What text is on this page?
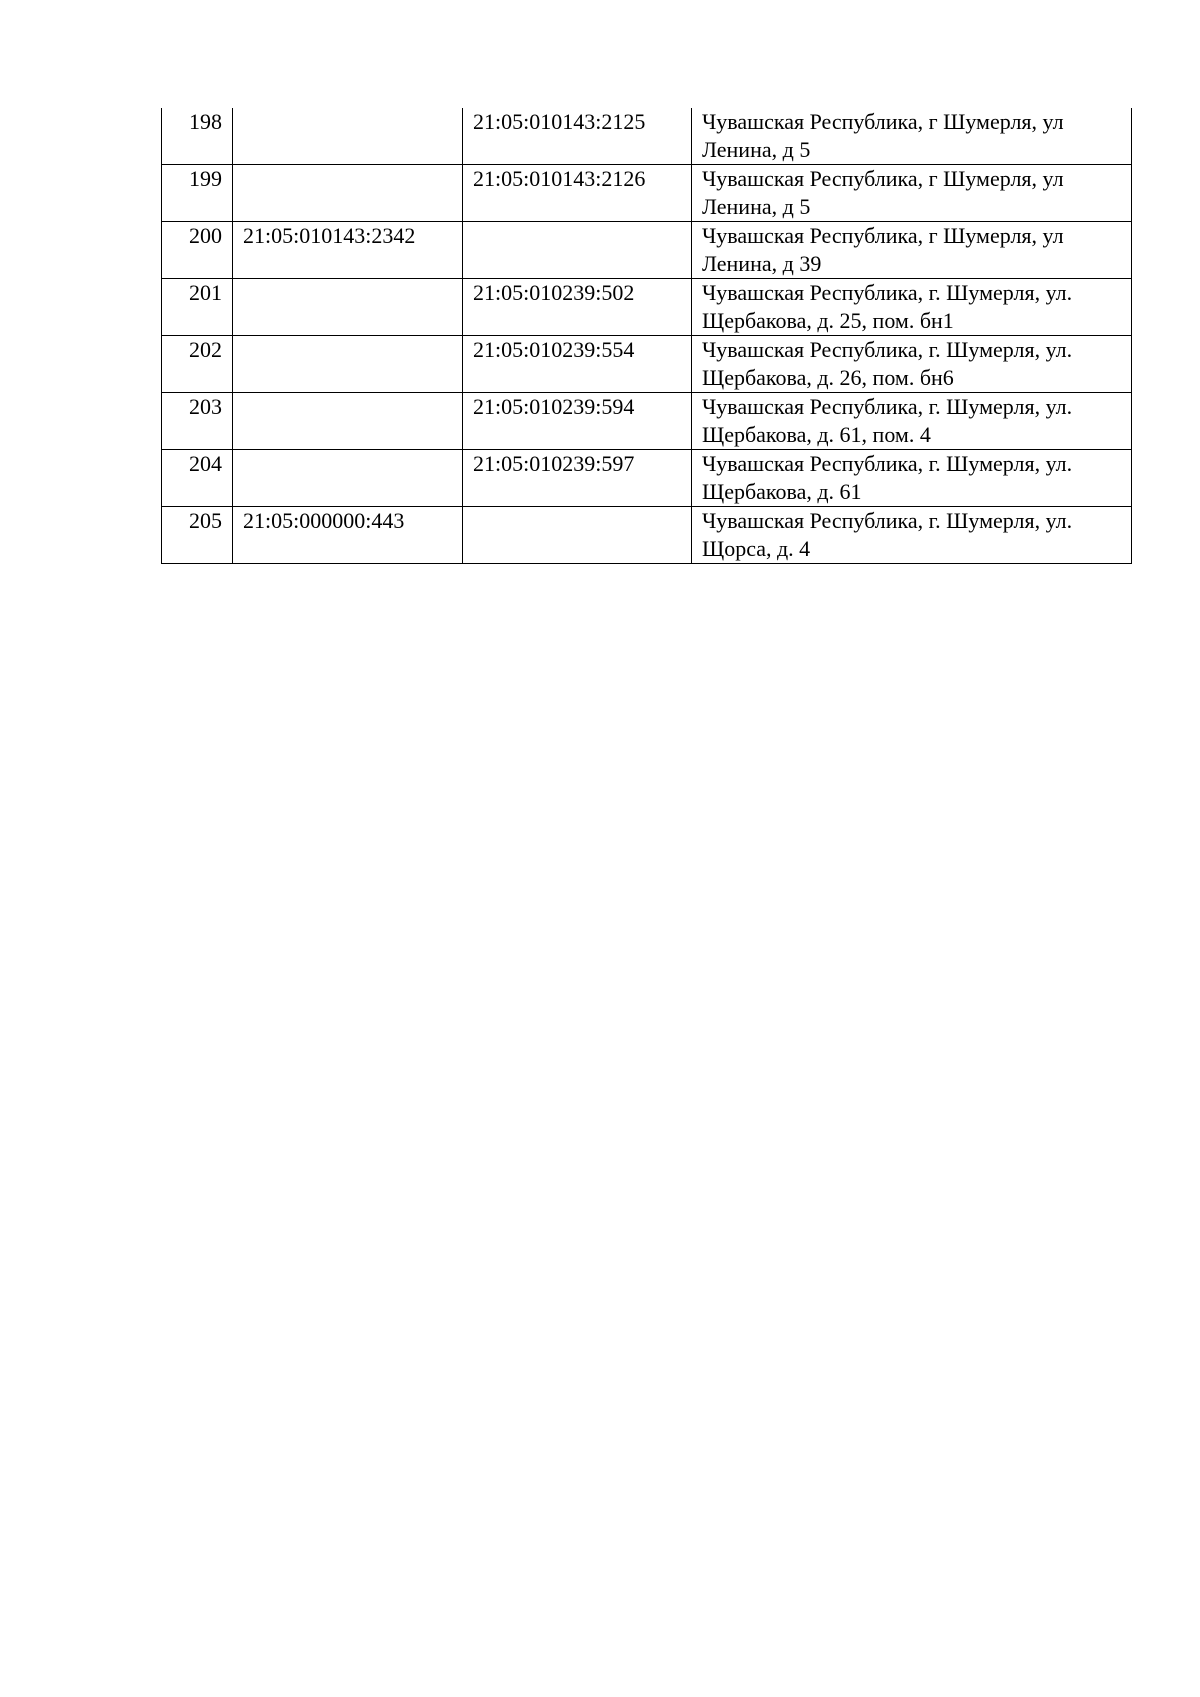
198		21:05:010143:2125	Чувашская Республика, г Шумерля, ул Ленина, д 5
199		21:05:010143:2126	Чувашская Республика, г Шумерля, ул Ленина, д 5
200	21:05:010143:2342		Чувашская Республика, г Шумерля, ул Ленина, д 39
201		21:05:010239:502	Чувашская Республика, г. Шумерля, ул. Щербакова, д. 25, пом. бн1
202		21:05:010239:554	Чувашская Республика, г. Шумерля, ул. Щербакова, д. 26, пом. бн6
203		21:05:010239:594	Чувашская Республика, г. Шумерля, ул. Щербакова, д. 61, пом. 4
204		21:05:010239:597	Чувашская Республика, г. Шумерля, ул. Щербакова, д. 61
205	21:05:000000:443		Чувашская Республика, г. Шумерля, ул. Щорса, д. 4
